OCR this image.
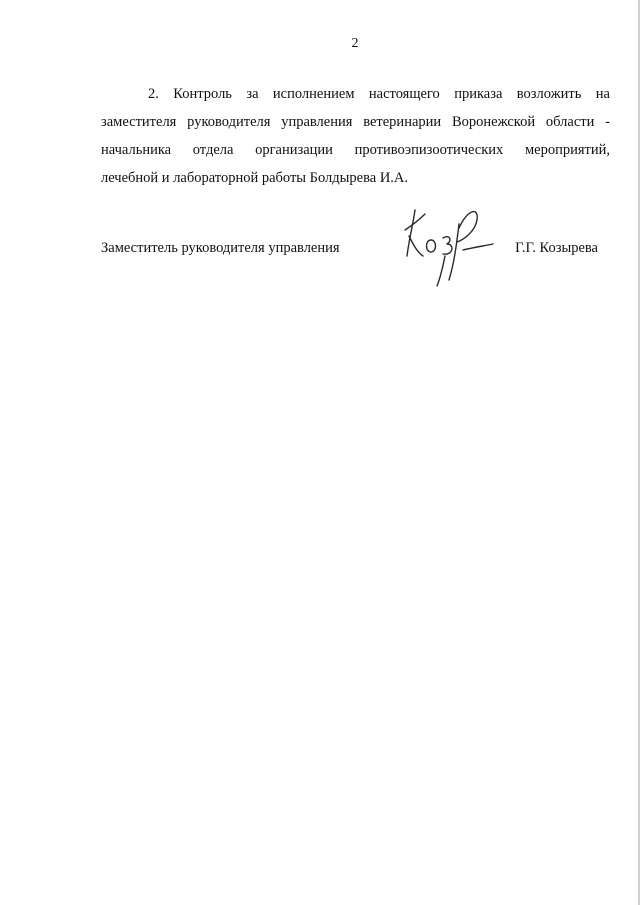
2

2. Контроль за исполнением настоящего приказа возложить на
заместителя руководителя управления ветеринарии Воронежской области -
начальника отдела организации противоэпизоотических мероприятий,
лечебной и лабораторной работы Болдырева И.А.

Заместитель руководителя управления	Г.Г. Козырева
